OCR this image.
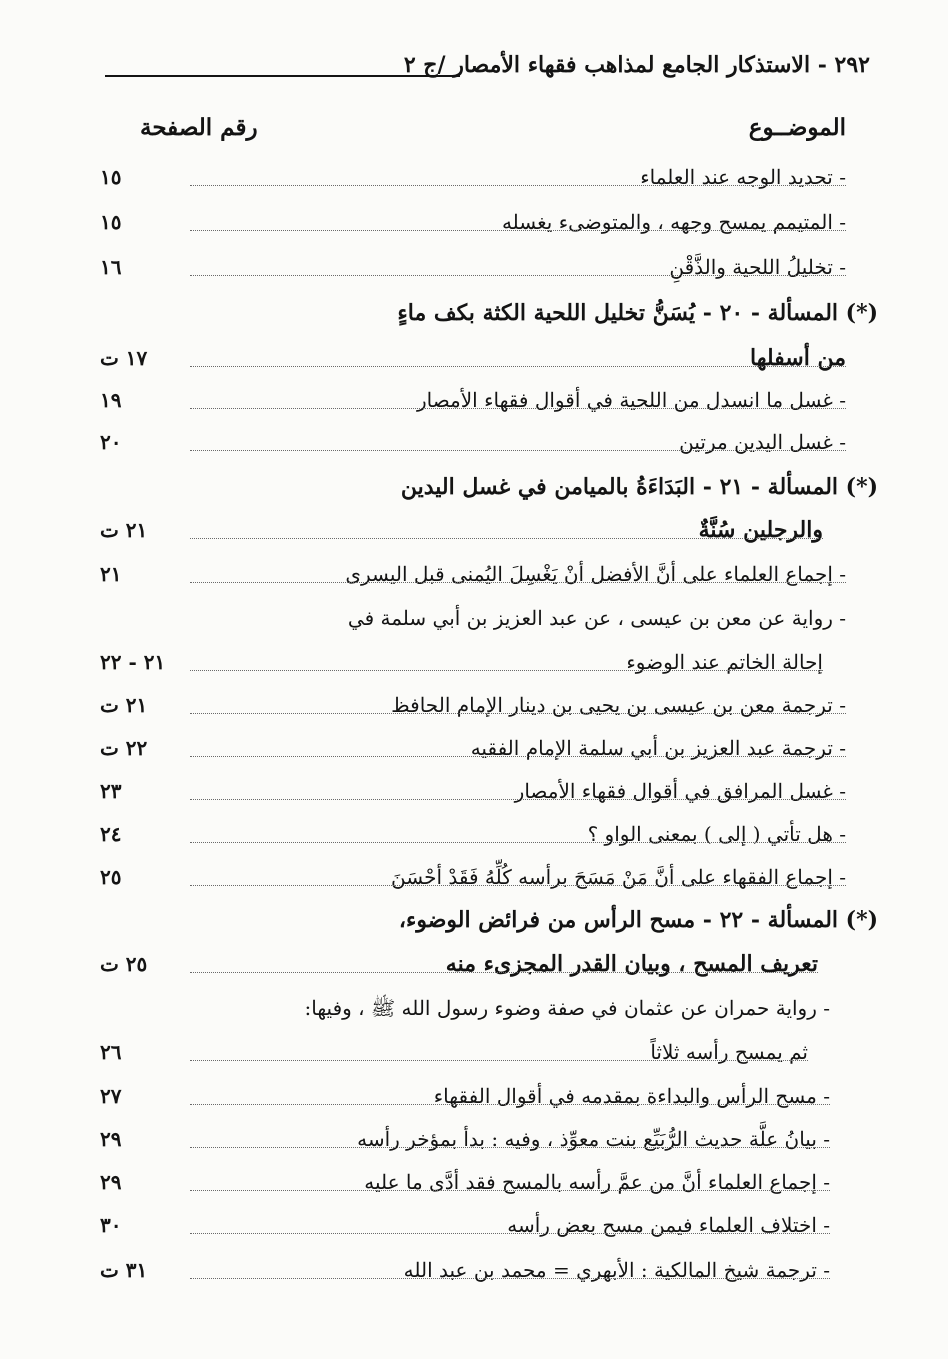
٢٩٢ - الاستذكار الجامع لمذاهب فقهاء الأمصار /ج ٢
الموضــوع
رقم الصفحة
- تحديد الوجه عند العلماء
١٥
- المتيمم يمسح وجهه ، والمتوضىء يغسله
١٥
- تخليلُ اللحية والذَّقْنِ
١٦
(*) المسألة - ٢٠ - يُسَنُّ تخليل اللحية الكثة بكف ماءٍ
من أسفلها
١٧ ت
- غسل ما انسدل من اللحية في أقوال فقهاء الأمصار
١٩
- غسل اليدين مرتين
٢٠
(*) المسألة - ٢١ - البَدَاءَةُ بالميامن في غسل اليدين
والرجلين سُنَّةٌ
٢١ ت
- إجماع العلماء على أنَّ الأفضل أنْ يَغْسِلَ اليُمنى قبل اليسرى
٢١
- رواية عن معن بن عيسى ، عن عبد العزيز بن أبي سلمة في
إحالة الخاتم عند الوضوء
٢١ - ٢٢
- ترجمة معن بن عيسى بن يحيى بن دينار الإمام الحافظ
٢١ ت
- ترجمة عبد العزيز بن أبي سلمة الإمام الفقيه
٢٢ ت
- غسل المرافق في أقوال فقهاء الأمصار
٢٣
- هل تأتي ( إلى ) بمعنى الواو ؟
٢٤
- إجماع الفقهاء على أنَّ مَنْ مَسَحَ برأسه كُلِّهُ فَقَدْ أحْسَنَ
٢٥
(*) المسألة - ٢٢ - مسح الرأس من فرائض الوضوء،
تعريف المسح ، وبيان القدر المجزىء منه
٢٥ ت
- رواية حمران عن عثمان في صفة وضوء رسول الله ﷺ ، وفيها:
ثم يمسح رأسه ثلاثاً
٢٦
- مسح الرأس والبداءة بمقدمه في أقوال الفقهاء
٢٧
- بيانُ علَّة حديث الرُّبَيِّع بنت معوِّذ ، وفيه : بدأ بمؤخر رأسه
٢٩
- إجماع العلماء أنَّ من عمَّ رأسه بالمسح فقد أدَّى ما عليه
٢٩
- اختلاف العلماء فيمن مسح بعض رأسه
٣٠
- ترجمة شيخ المالكية : الأبهري = محمد بن عبد الله
٣١ ت
